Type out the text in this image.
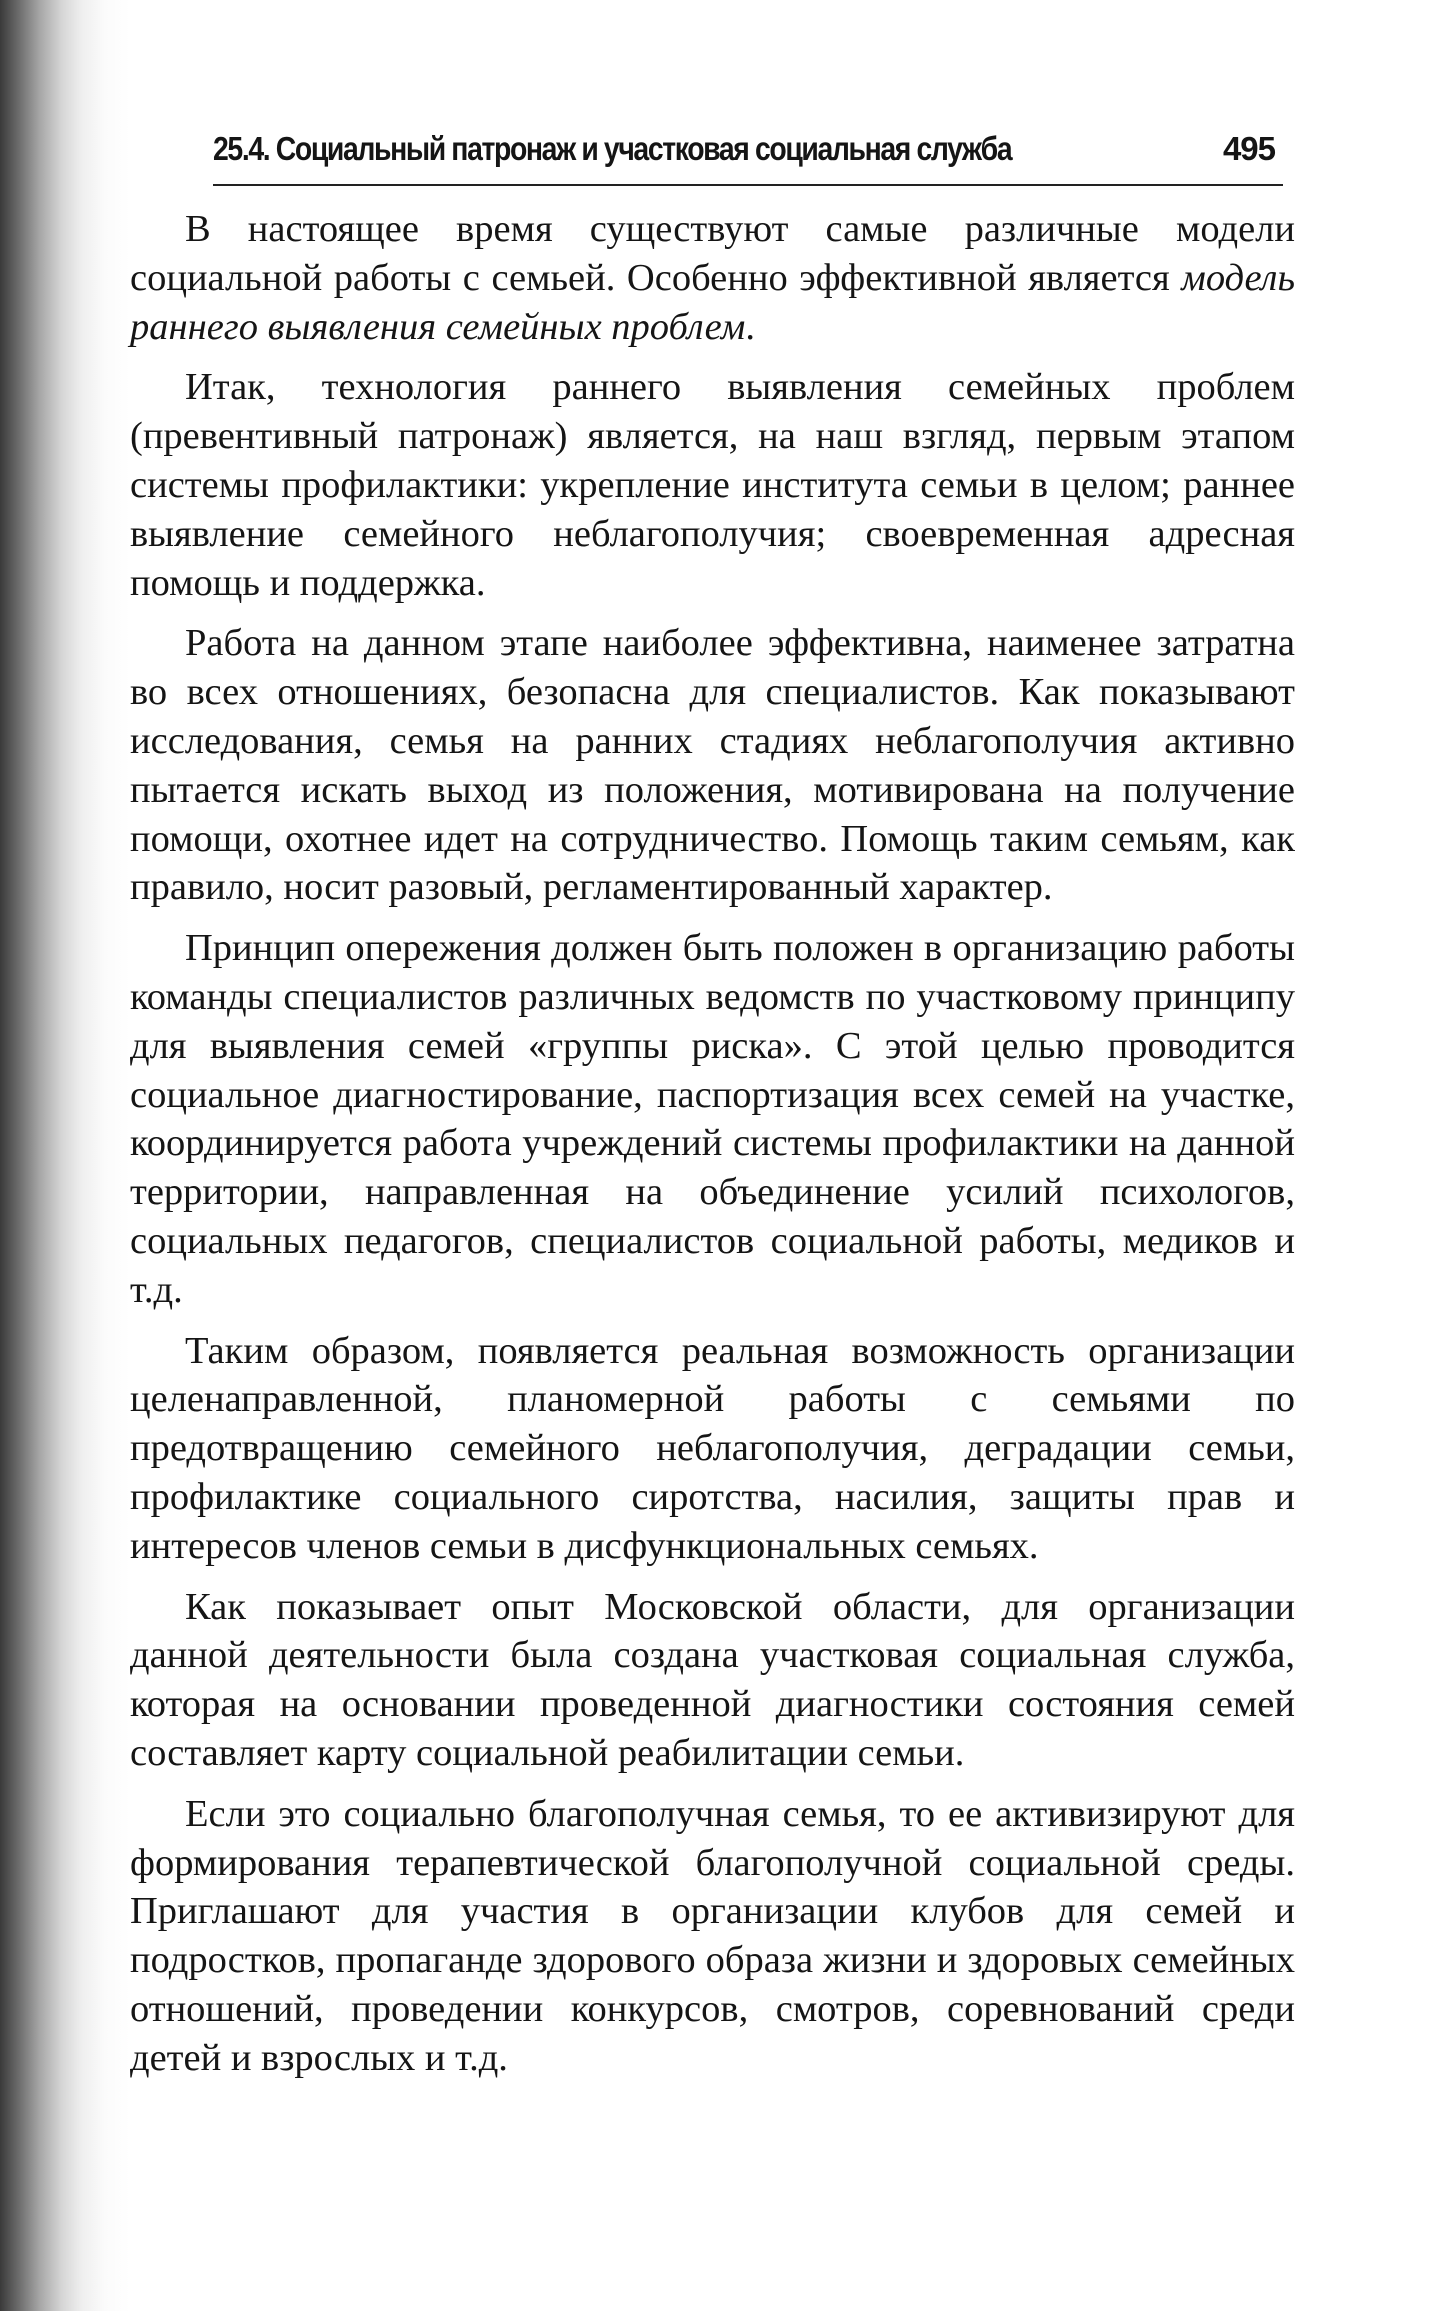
25.4. Социальный патронаж и участковая социальная служба	495

В настоящее время существуют самые различные модели социальной работы с семьей. Особенно эффективной является модель раннего выявления семейных проблем.

Итак, технология раннего выявления семейных проблем (превентивный патронаж) является, на наш взгляд, первым этапом системы профилактики: укрепление института семьи в целом; раннее выявление семейного неблагополучия; своевременная адресная помощь и поддержка.

Работа на данном этапе наиболее эффективна, наименее затратна во всех отношениях, безопасна для специалистов. Как показывают исследования, семья на ранних стадиях неблагополучия активно пытается искать выход из положения, мотивирована на получение помощи, охотнее идет на сотрудничество. Помощь таким семьям, как правило, носит разовый, регламентированный характер.

Принцип опережения должен быть положен в организацию работы команды специалистов различных ведомств по участковому принципу для выявления семей «группы риска». С этой целью проводится социальное диагностирование, паспортизация всех семей на участке, координируется работа учреждений системы профилактики на данной территории, направленная на объединение усилий психологов, социальных педагогов, специалистов социальной работы, медиков и т.д.

Таким образом, появляется реальная возможность организации целенаправленной, планомерной работы с семьями по предотвращению семейного неблагополучия, деградации семьи, профилактике социального сиротства, насилия, защиты прав и интересов членов семьи в дисфункциональных семьях.

Как показывает опыт Московской области, для организации данной деятельности была создана участковая социальная служба, которая на основании проведенной диагностики состояния семей составляет карту социальной реабилитации семьи.

Если это социально благополучная семья, то ее активизируют для формирования терапевтической благополучной социальной среды. Приглашают для участия в организации клубов для семей и подростков, пропаганде здорового образа жизни и здоровых семейных отношений, проведении конкурсов, смотров, соревнований среди детей и взрослых и т.д.
